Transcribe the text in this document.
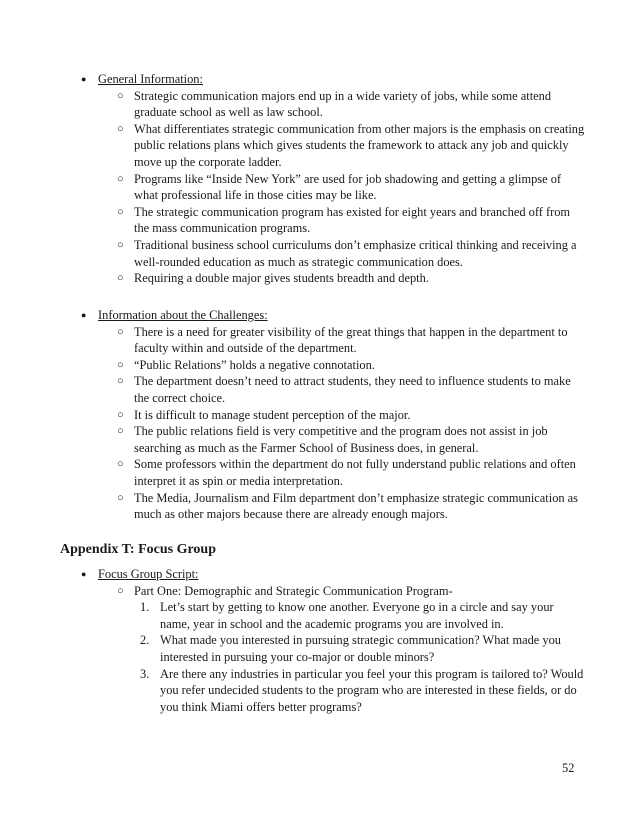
● General Information:

○ Strategic communication majors end up in a wide variety of jobs, while some attend graduate school as well as law school.

○ What differentiates strategic communication from other majors is the emphasis on creating public relations plans which gives students the framework to attack any job and quickly move up the corporate ladder.

○ Programs like “Inside New York” are used for job shadowing and getting a glimpse of what professional life in those cities may be like.

○ The strategic communication program has existed for eight years and branched off from the mass communication programs.

○ Traditional business school curriculums don’t emphasize critical thinking and receiving a well-rounded education as much as strategic communication does.

○ Requiring a double major gives students breadth and depth.

● Information about the Challenges:

○ There is a need for greater visibility of the great things that happen in the department to faculty within and outside of the department.

○ “Public Relations” holds a negative connotation.

○ The department doesn’t need to attract students, they need to influence students to make the correct choice.

○ It is difficult to manage student perception of the major.

○ The public relations field is very competitive and the program does not assist in job searching as much as the Farmer School of Business does, in general.

○ Some professors within the department do not fully understand public relations and often interpret it as spin or media interpretation.

○ The Media, Journalism and Film department don’t emphasize strategic communication as much as other majors because there are already enough majors.

Appendix T: Focus Group

● Focus Group Script:

○ Part One: Demographic and Strategic Communication Program-

1. Let’s start by getting to know one another. Everyone go in a circle and say your name, year in school and the academic programs you are involved in.

2. What made you interested in pursuing strategic communication? What made you interested in pursuing your co-major or double minors?

3. Are there any industries in particular you feel your this program is tailored to? Would you refer undecided students to the program who are interested in these fields, or do you think Miami offers better programs?

52
